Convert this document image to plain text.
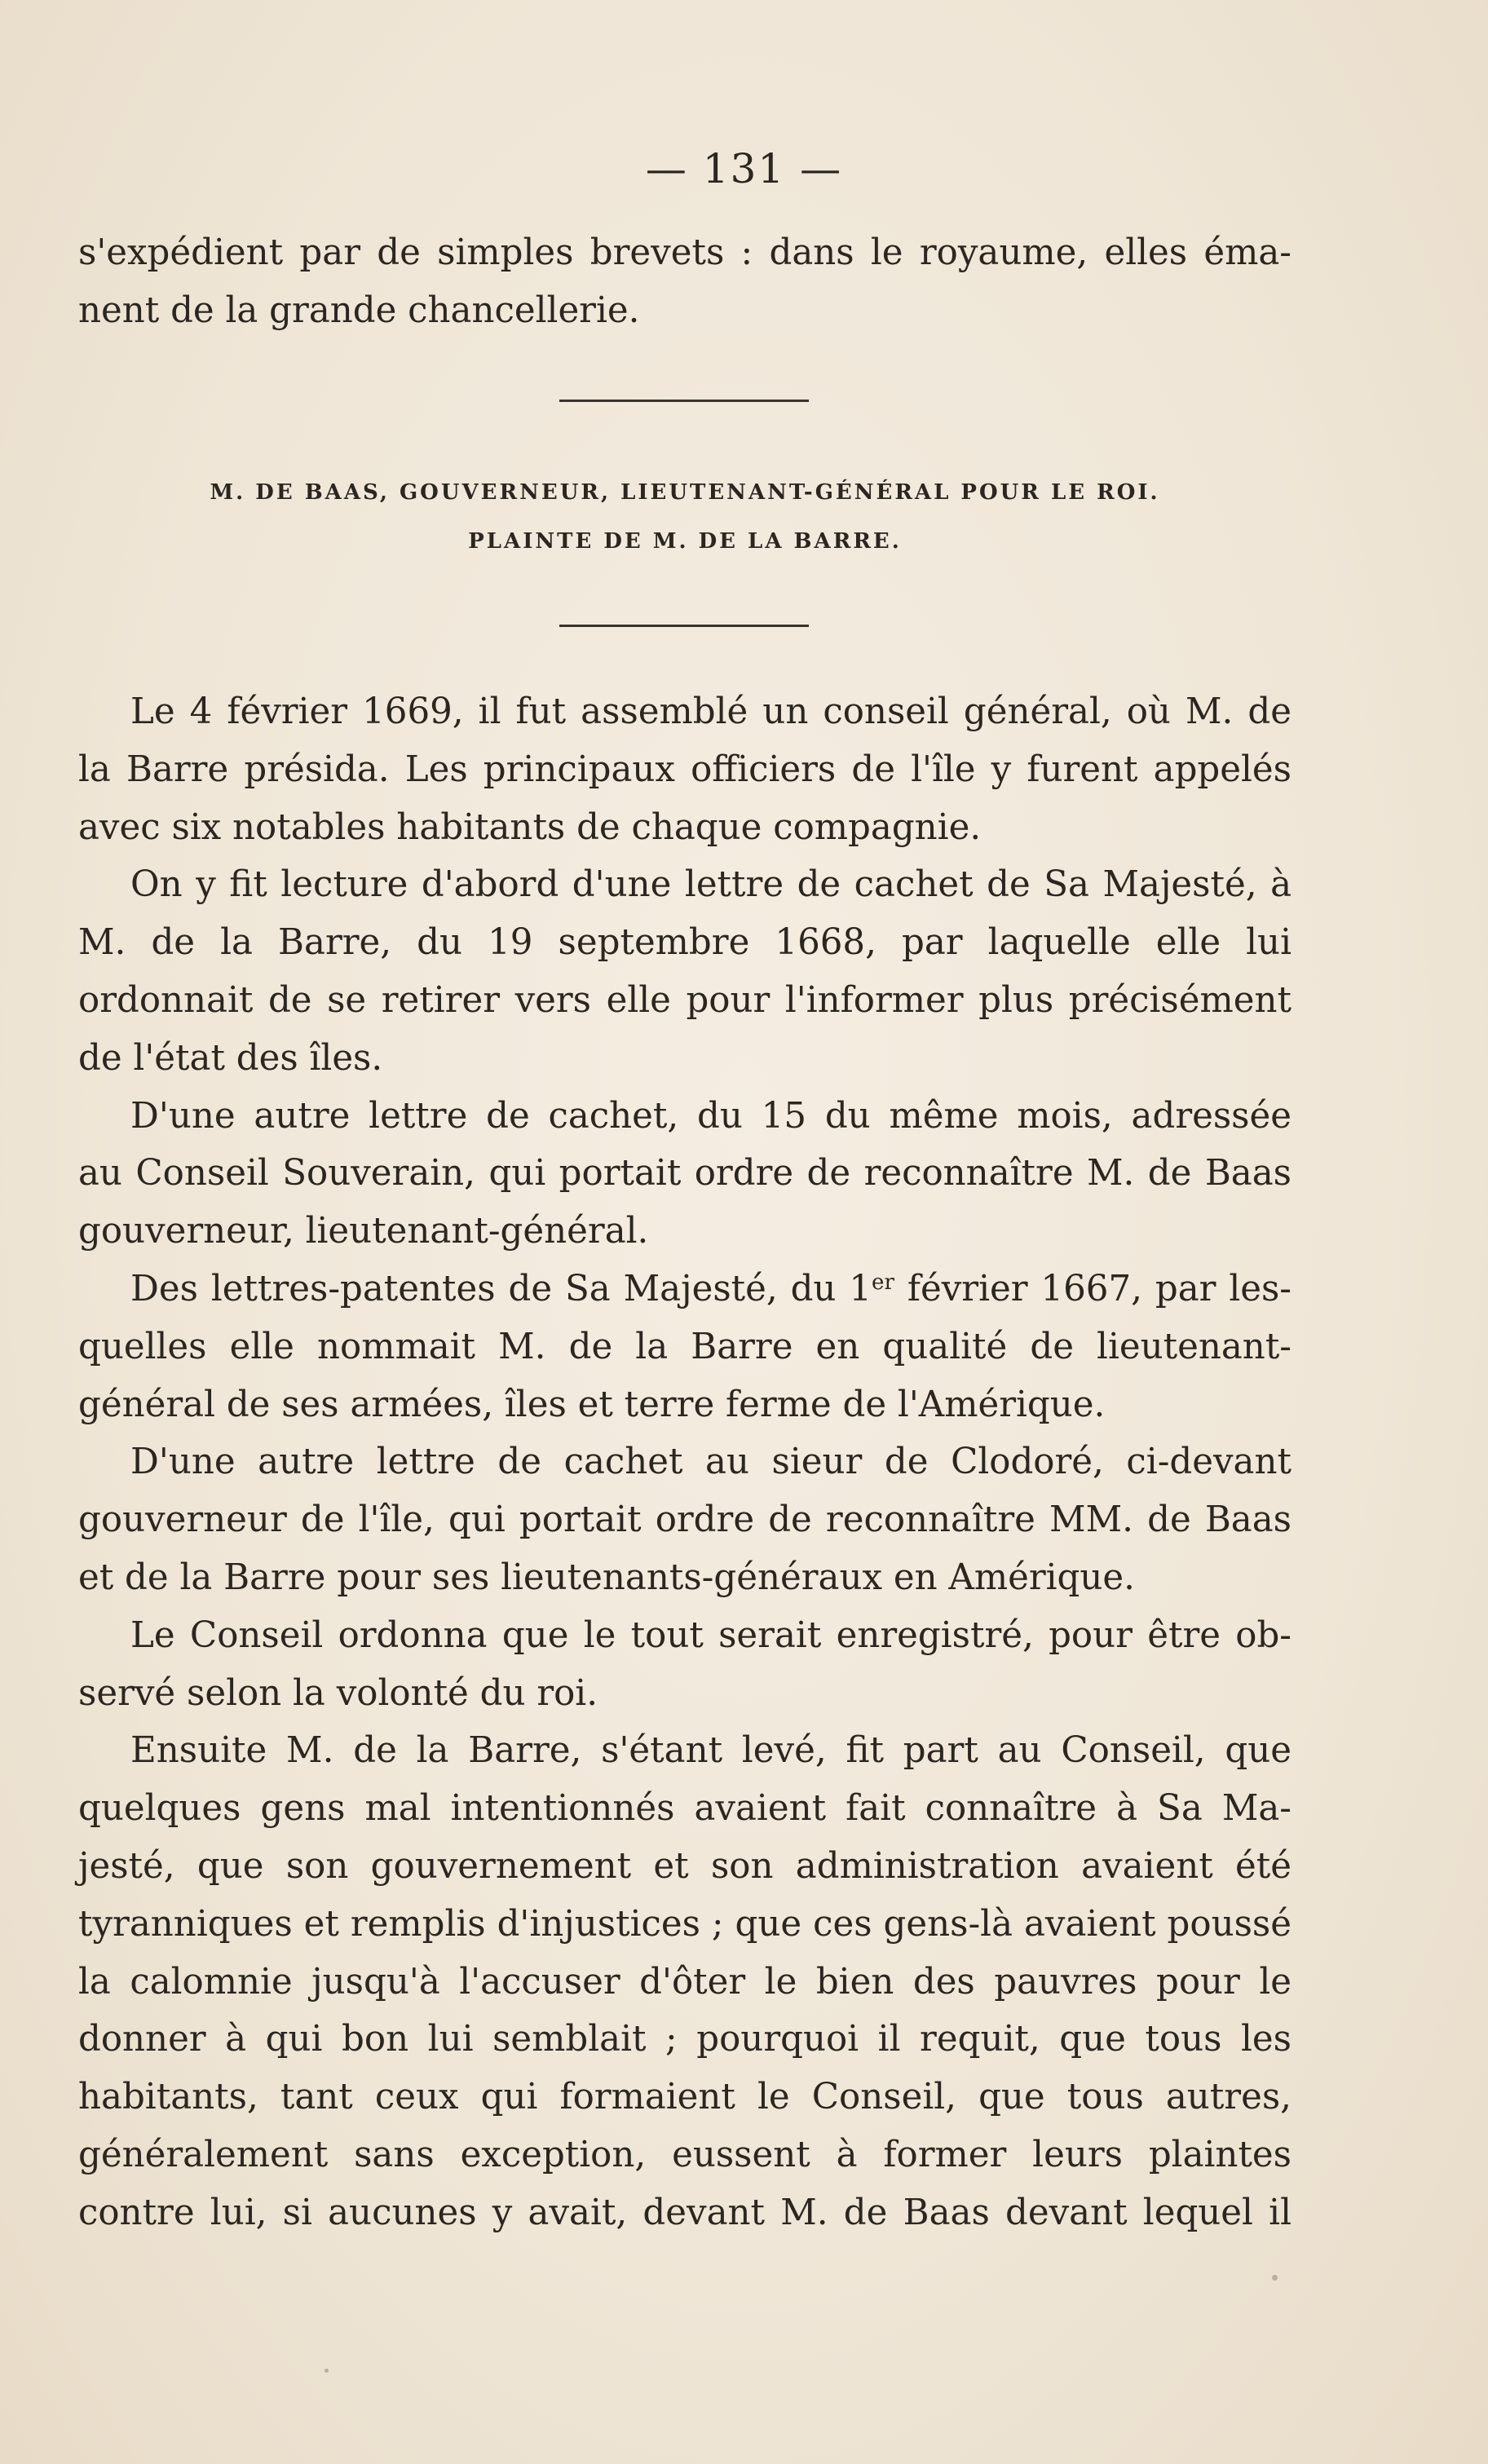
— 131 —
s'expédient par de simples brevets : dans le royaume, elles éma-
nent de la grande chancellerie.
M. DE BAAS, GOUVERNEUR, LIEUTENANT-GÉNÉRAL POUR LE ROI.
PLAINTE DE M. DE LA BARRE.
Le 4 février 1669, il fut assemblé un conseil général, où M. de
la Barre présida. Les principaux officiers de l'île y furent appelés
avec six notables habitants de chaque compagnie.
On y fit lecture d'abord d'une lettre de cachet de Sa Majesté, à
M. de la Barre, du 19 septembre 1668, par laquelle elle lui
ordonnait de se retirer vers elle pour l'informer plus précisément
de l'état des îles.
D'une autre lettre de cachet, du 15 du même mois, adressée
au Conseil Souverain, qui portait ordre de reconnaître M. de Baas
gouverneur, lieutenant-général.
Des lettres-patentes de Sa Majesté, du 1er février 1667, par les-
quelles elle nommait M. de la Barre en qualité de lieutenant-
général de ses armées, îles et terre ferme de l'Amérique.
D'une autre lettre de cachet au sieur de Clodoré, ci-devant
gouverneur de l'île, qui portait ordre de reconnaître MM. de Baas
et de la Barre pour ses lieutenants-généraux en Amérique.
Le Conseil ordonna que le tout serait enregistré, pour être ob-
servé selon la volonté du roi.
Ensuite M. de la Barre, s'étant levé, fit part au Conseil, que
quelques gens mal intentionnés avaient fait connaître à Sa Ma-
jesté, que son gouvernement et son administration avaient été
tyranniques et remplis d'injustices ; que ces gens-là avaient poussé
la calomnie jusqu'à l'accuser d'ôter le bien des pauvres pour le
donner à qui bon lui semblait ; pourquoi il requit, que tous les
habitants, tant ceux qui formaient le Conseil, que tous autres,
généralement sans exception, eussent à former leurs plaintes
contre lui, si aucunes y avait, devant M. de Baas devant lequel il
